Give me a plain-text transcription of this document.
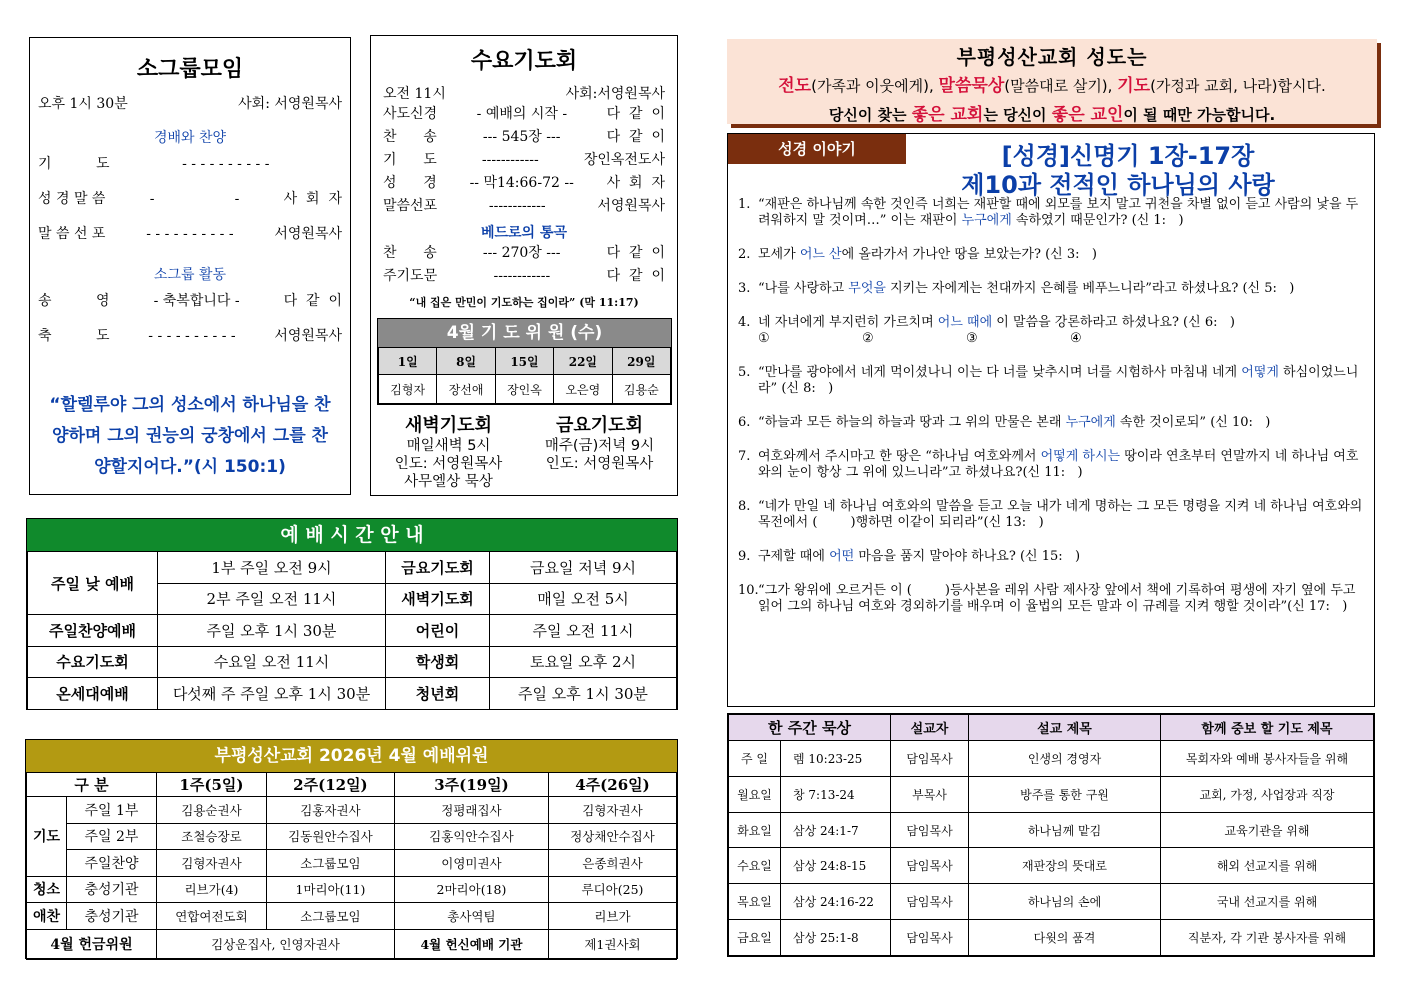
소그룹모임
오후 1시 30분	사회: 서영원목사
경배와 찬양
기          도	- - - - - - - - - -
성 경 말 씀	-                  -	사  회  자
말 씀 선 포	- - - - - - - - - -	서영원목사
소그룹 활동
송          영	- 축복합니다 -	다  같  이
축          도	- - - - - - - - - -	서영원목사
“할렐루야 그의 성소에서 하나님을 찬양하며 그의 권능의 궁창에서 그를 찬양할지어다.”(시 150:1)
수요기도회
오전 11시	사회:서영원목사
사도신경	- 예배의 시작 -	다  같  이
찬      송	--- 545장 ---	다  같  이
기      도	------------	장인옥전도사
성      경 -- 막14:66-72 -- 사  회  자
말씀선포	------------	서영원목사
베드로의 통곡
찬      송	--- 270장 ---	다  같  이
주기도문	------------	다  같  이
“내 집은 만민이 기도하는 집이라” (막 11:17)
4월 기 도 위 원 (수)
1일	8일	15일	22일	29일
김형자	장선애	장인옥	오은영	김용순
새벽기도회
매일새벽 5시
인도: 서영원목사
사무엘상 묵상
금요기도회
매주(금)저녁 9시
인도: 서영원목사
예 배 시 간 안 내
주일 낮 예배	1부 주일 오전 9시	금요기도회	금요일 저녁 9시
	2부 주일 오전 11시	새벽기도회	매일 오전 5시
주일찬양예배	주일 오후 1시 30분	어린이	주일 오전 11시
수요기도회	수요일 오전 11시	학생회	토요일 오후 2시
온세대예배	다섯째 주 주일 오후 1시 30분	청년회	주일 오후 1시 30분
부평성산교회 2026년 4월 예배위원
구 분		1주(5일)	2주(12일)	3주(19일)	4주(26일)
기도	주일 1부	김용순권사	김홍자권사	정평래집사	김형자권사
	주일 2부	조철승장로	김동원안수집사	김홍익안수집사	정상채안수집사
	주일찬양	김형자권사	소그룹모임	이영미권사	은종희권사
청소	충성기관	리브가(4)	1마리아(11)	2마리아(18)	루디아(25)
애찬	충성기관	연합여전도회	소그룹모임	총사역팀	리브가
4월 헌금위원		김상운집사, 인영자권사		4월 헌신예배 기관	제1권사회
부평성산교회 성도는
전도(가족과 이웃에게), 말씀묵상(말씀대로 살기), 기도(가정과 교회, 나라)합시다.
당신이 찾는 좋은 교회는 당신이 좋은 교인이 될 때만 가능합니다.
성경 이야기	[성경]신명기 1장-17장
제10과 전적인 하나님의 사랑
1. “재판은 하나님께 속한 것인즉 너희는 재판할 때에 외모를 보지 말고 귀천을 차별 없이 듣고 사람의 낯을 두려워하지 말 것이며…” 이는 재판이 누구에게 속하였기 때문인가? (신 1:   )
2. 모세가 어느 산에 올라가서 가나안 땅을 보았는가? (신 3:   )
3. “나를 사랑하고 무엇을 지키는 자에게는 천대까지 은혜를 베푸느니라”라고 하셨나요? (신 5:   )
4. 네 자녀에게 부지런히 가르치며 어느 때에 이 말씀을 강론하라고 하셨나요? (신 6:   )
①	②	③	④
5. “만나를 광야에서 네게 먹이셨나니 이는 다 너를 낮추시며 너를 시험하사 마침내 네게 어떻게 하심이었느니라” (신 8:   )
6. “하늘과 모든 하늘의 하늘과 땅과 그 위의 만물은 본래 누구에게 속한 것이로되” (신 10:   )
7. 여호와께서 주시마고 한 땅은 “하나님 여호와께서 어떻게 하시는 땅이라 연초부터 연말까지 네 하나님 여호와의 눈이 항상 그 위에 있느니라”고 하셨나요?(신 11:   )
8. “네가 만일 네 하나님 여호와의 말씀을 듣고 오늘 내가 네게 명하는 그 모든 명령을 지켜 네 하나님 여호와의 목전에서 (        )행하면 이같이 되리라”(신 13:   )
9. 구제할 때에 어떤 마음을 품지 말아야 하나요? (신 15:   )
10. “그가 왕위에 오르거든 이 (        )등사본을 레위 사람 제사장 앞에서 책에 기록하여 평생에 자기 옆에 두고 읽어 그의 하나님 여호와 경외하기를 배우며 이 율법의 모든 말과 이 규례를 지켜 행할 것이라”(신 17:   )
한 주간 묵상		설교자	설교 제목	함께 중보 할 기도 제목
주 일	렘 10:23-25	담임목사	인생의 경영자	목회자와 예배 봉사자들을 위해
월요일	창 7:13-24	부목사	방주를 통한 구원	교회, 가정, 사업장과 직장
화요일	삼상 24:1-7	담임목사	하나님께 맡김	교육기관을 위해
수요일	삼상 24:8-15	담임목사	재판장의 뜻대로	해외 선교지를 위해
목요일	삼상 24:16-22	담임목사	하나님의 손에	국내 선교지를 위해
금요일	삼상 25:1-8	담임목사	다윗의 품격	직분자, 각 기관 봉사자를 위해
